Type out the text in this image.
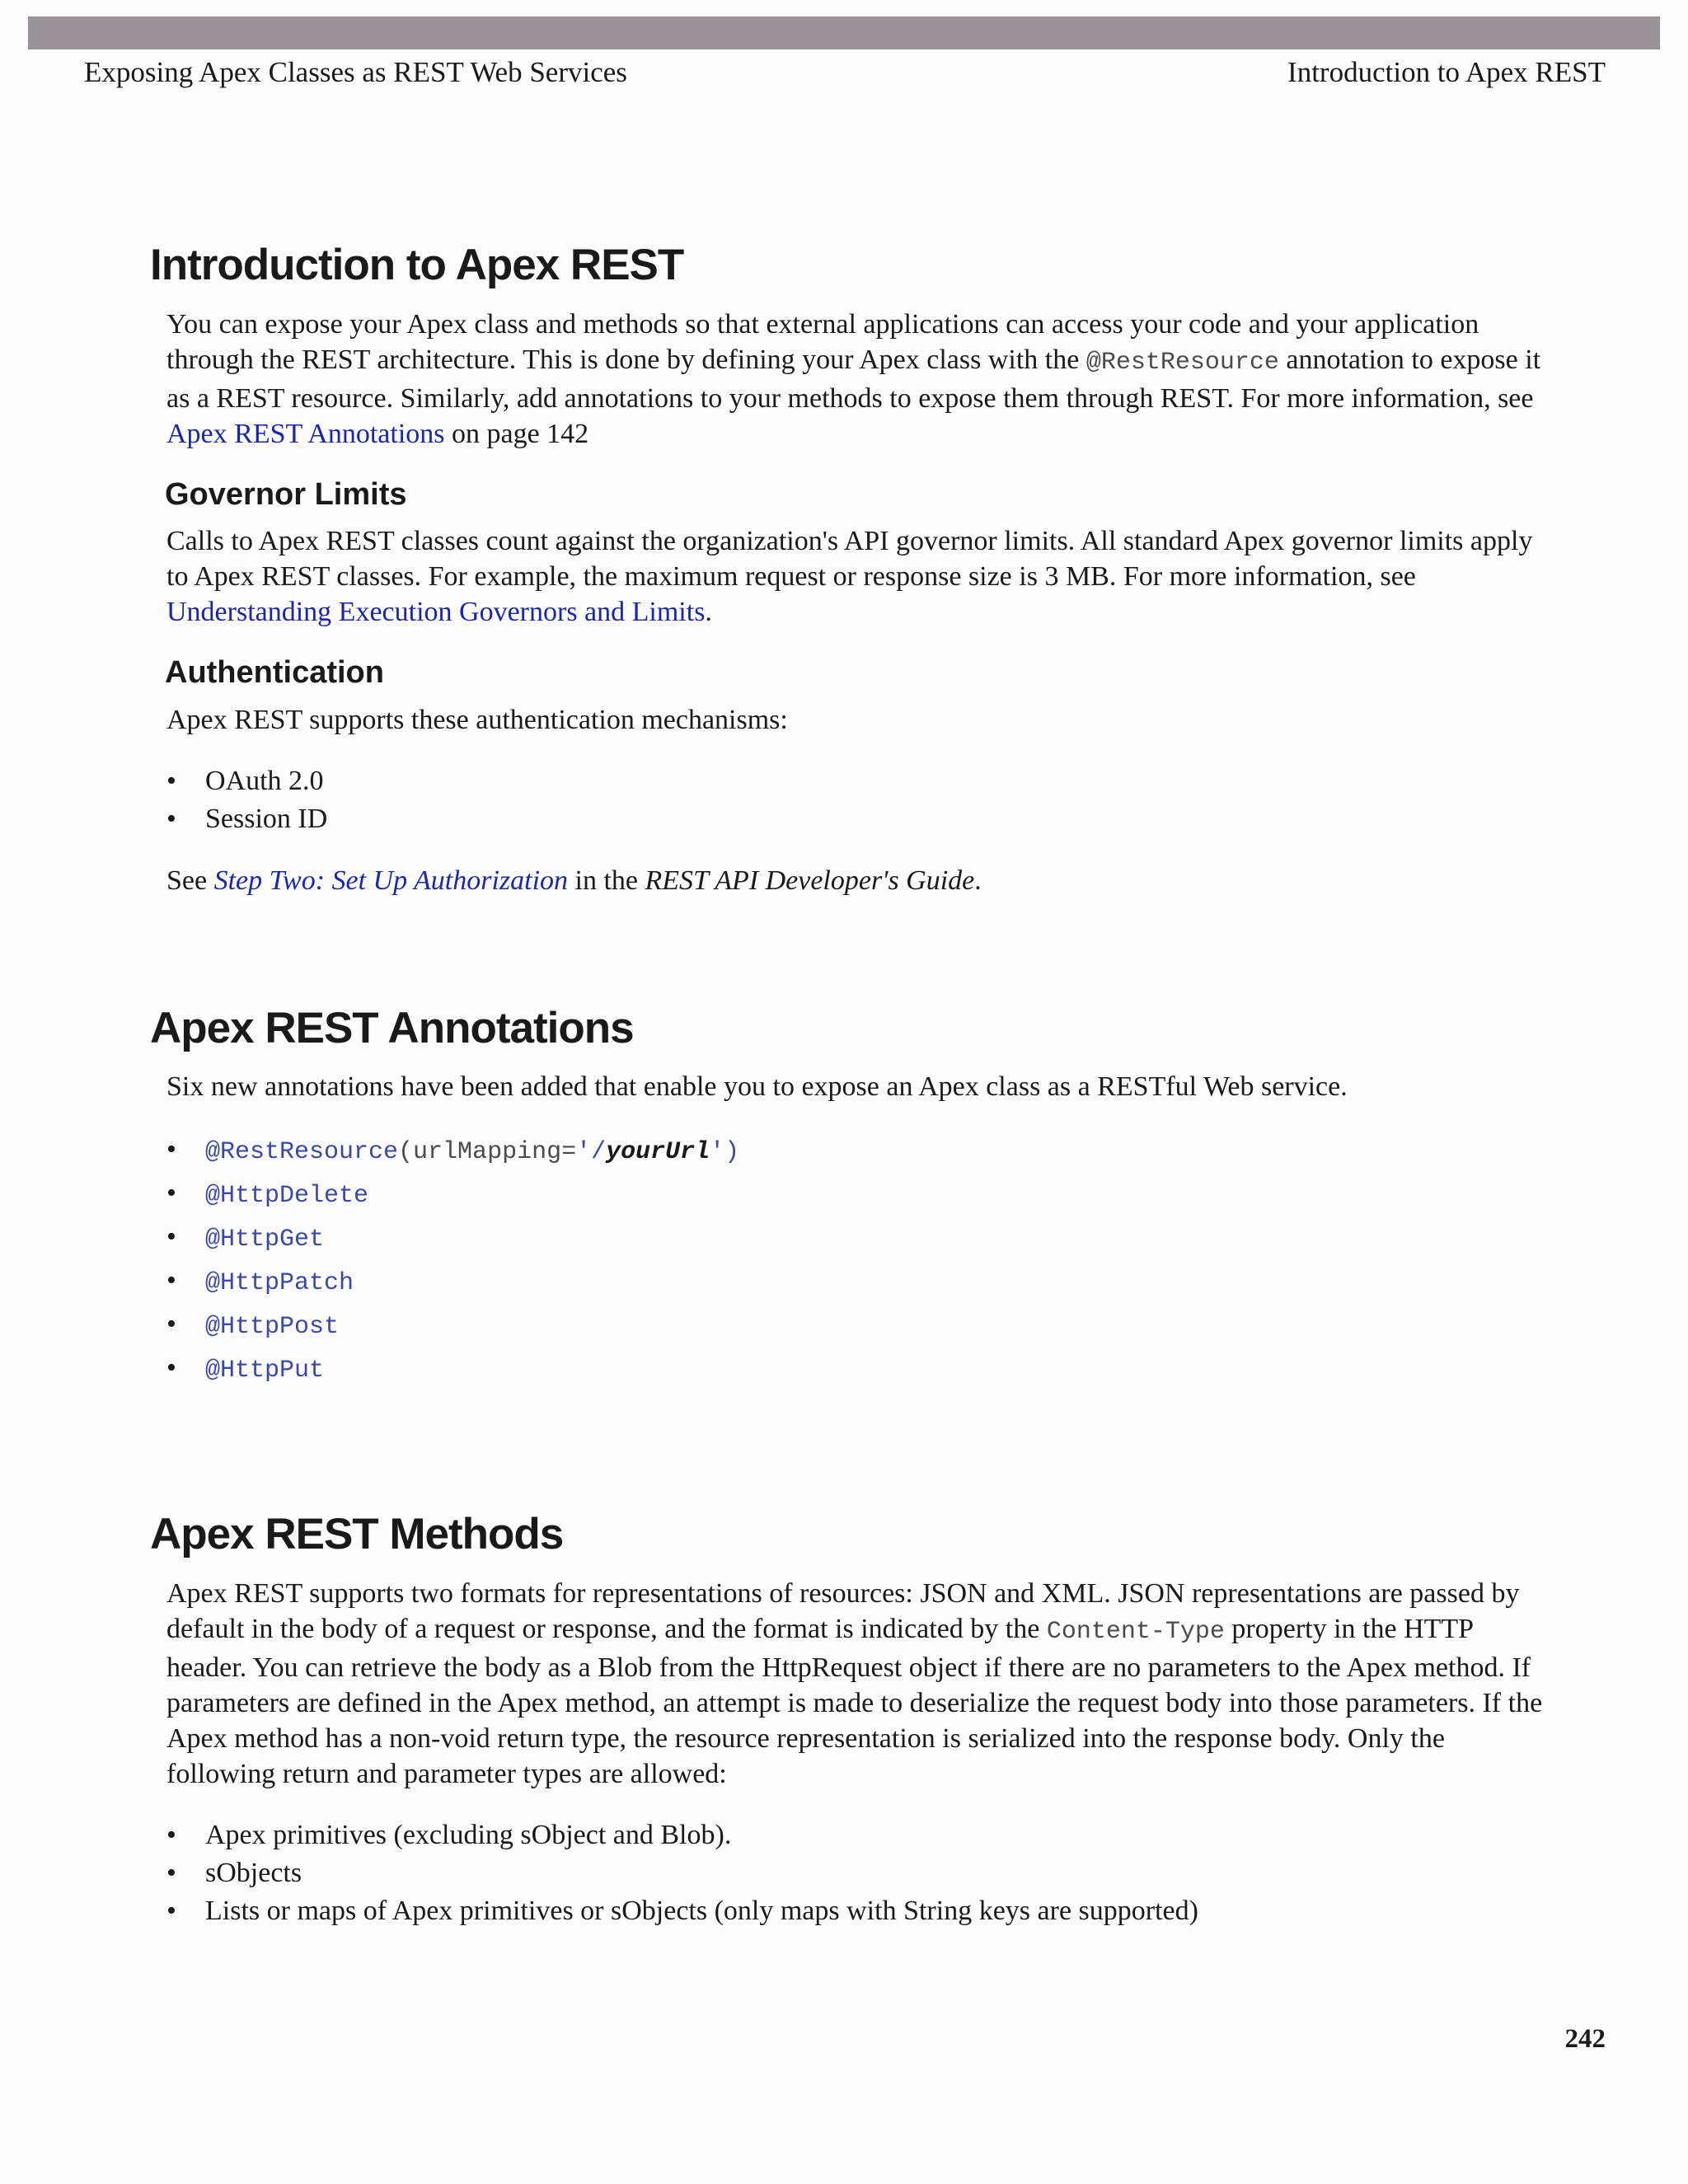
Exposing Apex Classes as REST Web Services	Introduction to Apex REST
Introduction to Apex REST

You can expose your Apex class and methods so that external applications can access your code and your application through the REST architecture. This is done by defining your Apex class with the @RestResource annotation to expose it as a REST resource. Similarly, add annotations to your methods to expose them through REST. For more information, see Apex REST Annotations on page 142

Governor Limits

Calls to Apex REST classes count against the organization's API governor limits. All standard Apex governor limits apply to Apex REST classes. For example, the maximum request or response size is 3 MB. For more information, see Understanding Execution Governors and Limits.

Authentication

Apex REST supports these authentication mechanisms:

• OAuth 2.0
• Session ID

See Step Two: Set Up Authorization in the REST API Developer's Guide.

Apex REST Annotations

Six new annotations have been added that enable you to expose an Apex class as a RESTful Web service.

• @RestResource(urlMapping='/yourUrl')
• @HttpDelete
• @HttpGet
• @HttpPatch
• @HttpPost
• @HttpPut
Apex REST Methods

Apex REST supports two formats for representations of resources: JSON and XML. JSON representations are passed by default in the body of a request or response, and the format is indicated by the Content-Type property in the HTTP header. You can retrieve the body as a Blob from the HttpRequest object if there are no parameters to the Apex method. If parameters are defined in the Apex method, an attempt is made to deserialize the request body into those parameters. If the Apex method has a non-void return type, the resource representation is serialized into the response body. Only the following return and parameter types are allowed:

• Apex primitives (excluding sObject and Blob).
• sObjects
• Lists or maps of Apex primitives or sObjects (only maps with String keys are supported)
242
